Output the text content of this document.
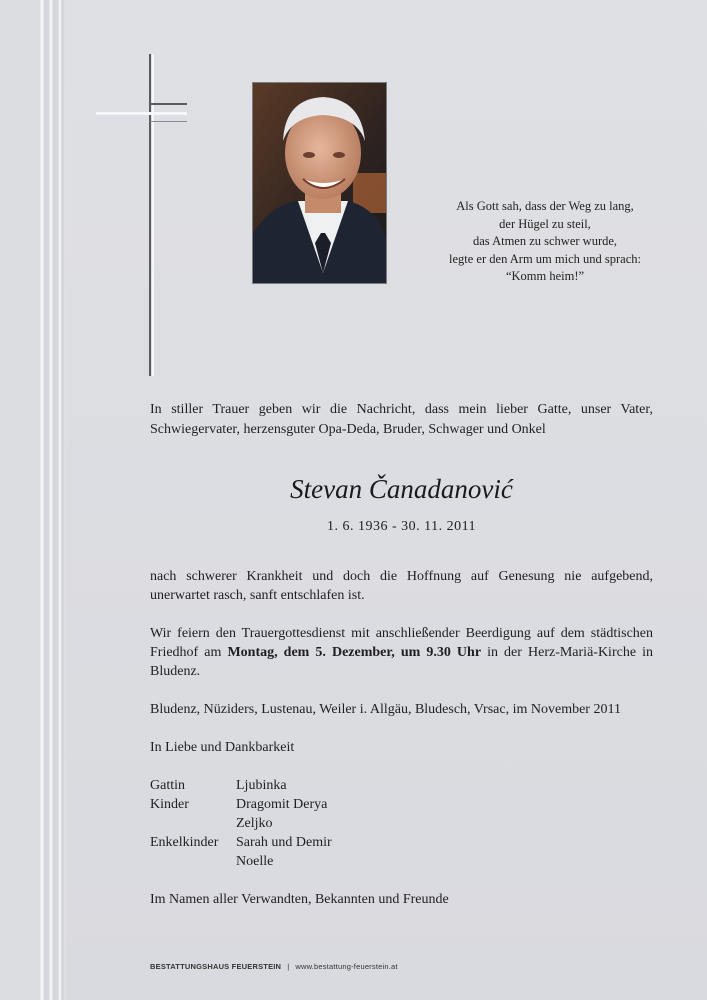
Als Gott sah, dass der Weg zu lang,
der Hügel zu steil,
das Atmen zu schwer wurde,
legte er den Arm um mich und sprach:
“Komm heim!”
In stiller Trauer geben wir die Nachricht, dass mein lieber Gatte, unser Vater, Schwiegervater, herzensguter Opa-Deda, Bruder, Schwager und Onkel
Stevan Čanadanović
1. 6. 1936 - 30. 11. 2011
nach schwerer Krankheit und doch die Hoffnung auf Genesung nie aufgebend, unerwartet rasch, sanft entschlafen ist.
Wir feiern den Trauergottesdienst mit anschließender Beerdigung auf dem städtischen Friedhof am Montag, dem 5. Dezember, um 9.30 Uhr in der Herz-Mariä-Kirche in Bludenz.
Bludenz, Nüziders, Lustenau, Weiler i. Allgäu, Bludesch, Vrsac, im November 2011
In Liebe und Dankbarkeit
Gattin	Ljubinka
Kinder	Dragomit Derya
Zeljko
Enkelkinder	Sarah und Demir
Noelle
Im Namen aller Verwandten, Bekannten und Freunde
BESTATTUNGSHAUS FEUERSTEIN | www.bestattung-feuerstein.at
